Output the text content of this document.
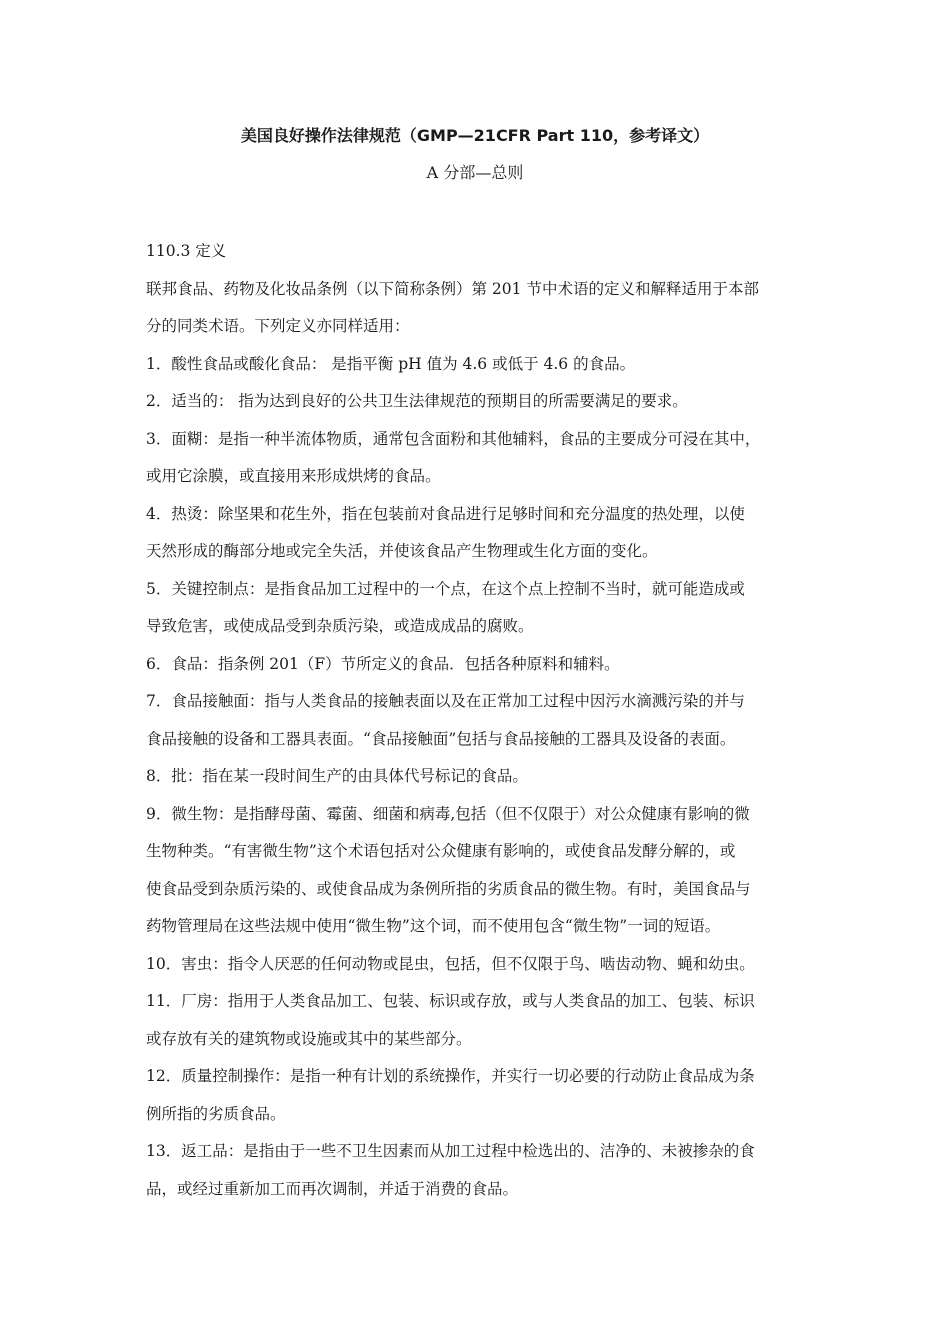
美国良好操作法律规范（GMP—21CFR Part 110，参考译文）
A 分部—总则
110.3 定义
联邦食品、药物及化妆品条例（以下简称条例）第 201 节中术语的定义和解释适用于本部
分的同类术语。下列定义亦同样适用：
1．酸性食品或酸化食品： 是指平衡 pH 值为 4.6 或低于 4.6 的食品。
2．适当的： 指为达到良好的公共卫生法律规范的预期目的所需要满足的要求。
3．面糊：是指一种半流体物质，通常包含面粉和其他辅料，食品的主要成分可浸在其中，
或用它涂膜，或直接用来形成烘烤的食品。
4．热烫：除坚果和花生外，指在包装前对食品进行足够时间和充分温度的热处理，以使
天然形成的酶部分地或完全失活，并使该食品产生物理或生化方面的变化。
5．关键控制点：是指食品加工过程中的一个点，在这个点上控制不当时，就可能造成或
导致危害，或使成品受到杂质污染，或造成成品的腐败。
6．食品：指条例 201（F）节所定义的食品．包括各种原料和辅料。
7．食品接触面：指与人类食品的接触表面以及在正常加工过程中因污水滴溅污染的并与
食品接触的设备和工器具表面。“食品接触面”包括与食品接触的工器具及设备的表面。
8．批：指在某一段时间生产的由具体代号标记的食品。
9．微生物：是指酵母菌、霉菌、细菌和病毒,包括（但不仅限于）对公众健康有影响的微
生物种类。“有害微生物”这个术语包括对公众健康有影响的，或使食品发酵分解的，或
使食品受到杂质污染的、或使食品成为条例所指的劣质食品的微生物。有时，美国食品与
药物管理局在这些法规中使用“微生物”这个词，而不使用包含“微生物”一词的短语。
10．害虫：指令人厌恶的任何动物或昆虫，包括，但不仅限于鸟、啮齿动物、蝇和幼虫。
11．厂房：指用于人类食品加工、包装、标识或存放，或与人类食品的加工、包装、标识
或存放有关的建筑物或设施或其中的某些部分。
12．质量控制操作：是指一种有计划的系统操作，并实行一切必要的行动防止食品成为条
例所指的劣质食品。
13．返工品：是指由于一些不卫生因素而从加工过程中检选出的、洁净的、未被掺杂的食
品，或经过重新加工而再次调制，并适于消费的食品。
